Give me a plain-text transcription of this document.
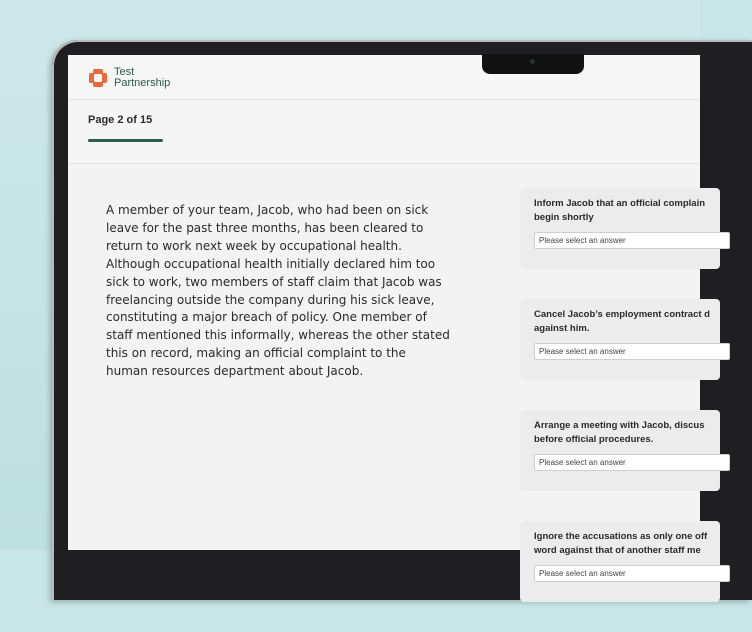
Test
Partnership
Page 2 of 15
A member of your team, Jacob, who had been on sick leave for the past three months, has been cleared to return to work next week by occupational health. Although occupational health initially declared him too sick to work, two members of staff claim that Jacob was freelancing outside the company during his sick leave, constituting a major breach of policy. One member of staff mentioned this informally, whereas the other stated this on record, making an official complaint to the human resources department about Jacob.
Inform Jacob that an official complain
begin shortly
Please select an answer
Cancel Jacob’s employment contract d
against him.
Please select an answer
Arrange a meeting with Jacob, discus
before official procedures.
Please select an answer
Ignore the accusations as only one off
word against that of another staff me
Please select an answer
